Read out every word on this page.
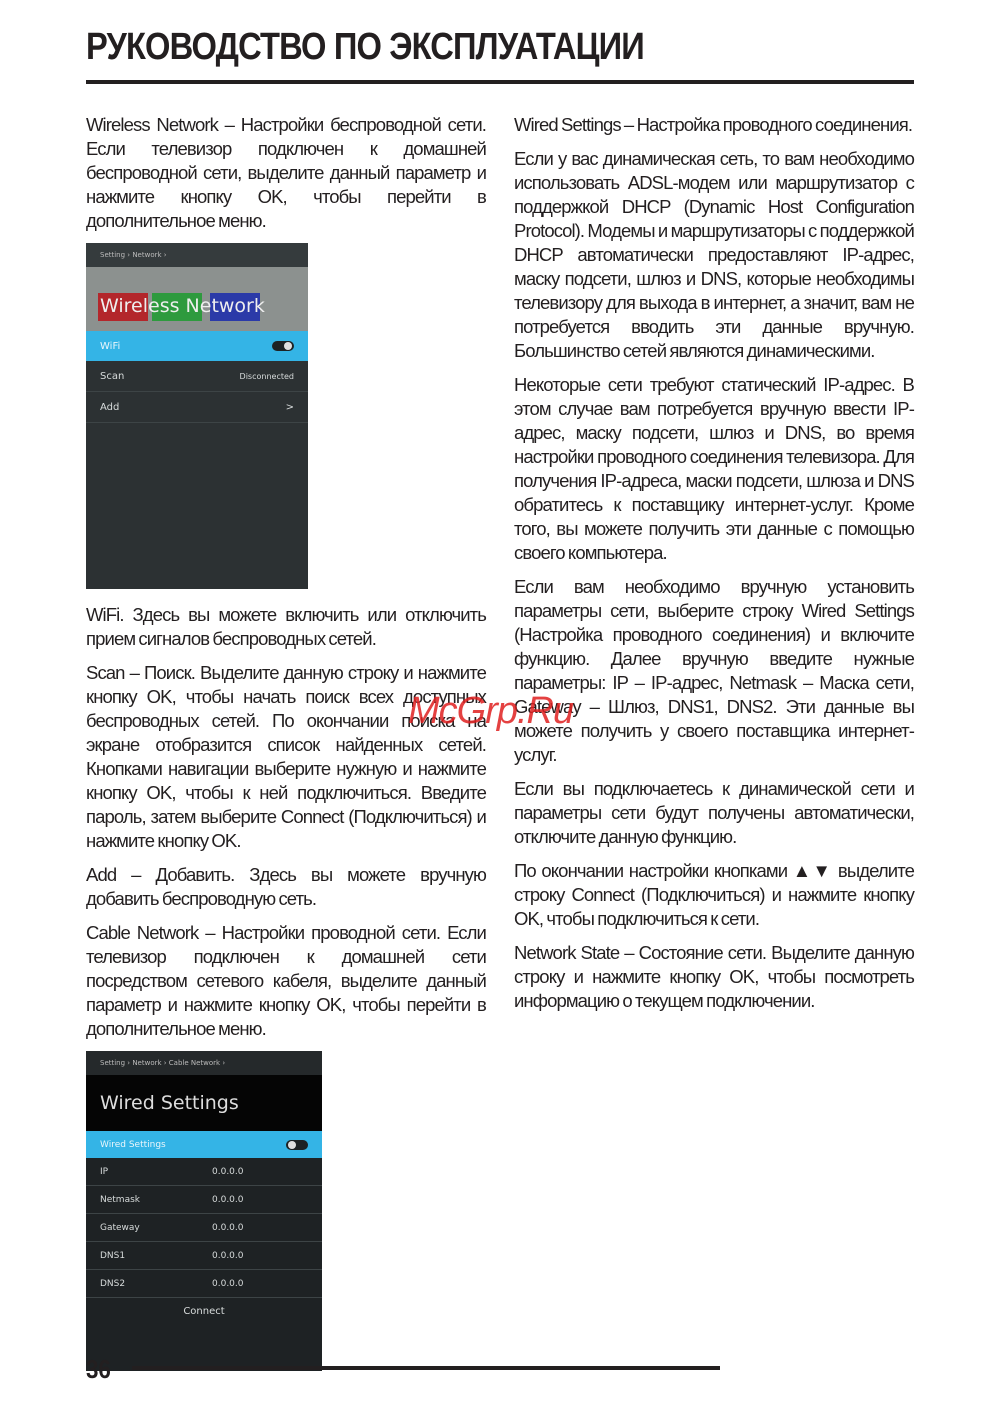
РУКОВОДСТВО ПО ЭКСПЛУАТАЦИИ

Wireless Network – Настройки беспроводной сети. Если телевизор подключен к домашней беспроводной сети, выделите данный параметр и нажмите кнопку OK, чтобы перейти в дополнительное меню.

Setting › Network ›
Wireless Network
WiFi
Scan	Disconnected
Add	>

WiFi. Здесь вы можете включить или отключить прием сигналов беспроводных сетей.

Scan – Поиск. Выделите данную строку и нажмите кнопку OK, чтобы начать поиск всех доступных беспроводных сетей. По окончании поиска на экране отобразится список найденных сетей. Кнопками навигации выберите нужную и нажмите кнопку OK, чтобы к ней подключиться. Введите пароль, затем выберите Connect (Подключиться) и нажмите кнопку OK.

Add – Добавить. Здесь вы можете вручную добавить беспроводную сеть.

Cable Network – Настройки проводной сети. Если телевизор подключен к домашней сети посредством сетевого кабеля, выделите данный параметр и нажмите кнопку OK, чтобы перейти в дополнительное меню.

Setting › Network › Cable Network ›
Wired Settings
Wired Settings
IP	0.0.0.0
Netmask	0.0.0.0
Gateway	0.0.0.0
DNS1	0.0.0.0
DNS2	0.0.0.0
Connect

Wired Settings – Настройка проводного соединения.

Если у вас динамическая сеть, то вам необходимо использовать ADSL-модем или маршрутизатор с поддержкой DHCP (Dynamic Host Configuration Protocol). Модемы и маршрутизаторы с поддержкой DHCP автоматически предоставляют IP-адрес, маску подсети, шлюз и DNS, которые необходимы телевизору для выхода в интернет, а значит, вам не потребуется вводить эти данные вручную. Большинство сетей являются динамическими.

Некоторые сети требуют статический IP-адрес. В этом случае вам потребуется вручную ввести IP-адрес, маску подсети, шлюз и DNS, во время настройки проводного соединения телевизора. Для получения IP-адреса, маски подсети, шлюза и DNS обратитесь к поставщику интернет-услуг. Кроме того, вы можете получить эти данные с помощью своего компьютера.

Если вам необходимо вручную установить параметры сети, выберите строку Wired Settings (Настройка проводного соединения) и включите функцию. Далее вручную введите нужные параметры: IP – IP-адрес, Netmask – Маска сети, Gateway – Шлюз, DNS1, DNS2. Эти данные вы можете получить у своего поставщика интернет-услуг.

Если вы подключаетесь к динамической сети и параметры сети будут получены автоматически, отключите данную функцию.

По окончании настройки кнопками ▲▼ выделите строку Connect (Подключиться) и нажмите кнопку OK, чтобы подключиться к сети.

Network State – Состояние сети. Выделите данную строку и нажмите кнопку OK, чтобы посмотреть информацию о текущем подключении.

McGrp.Ru
36
